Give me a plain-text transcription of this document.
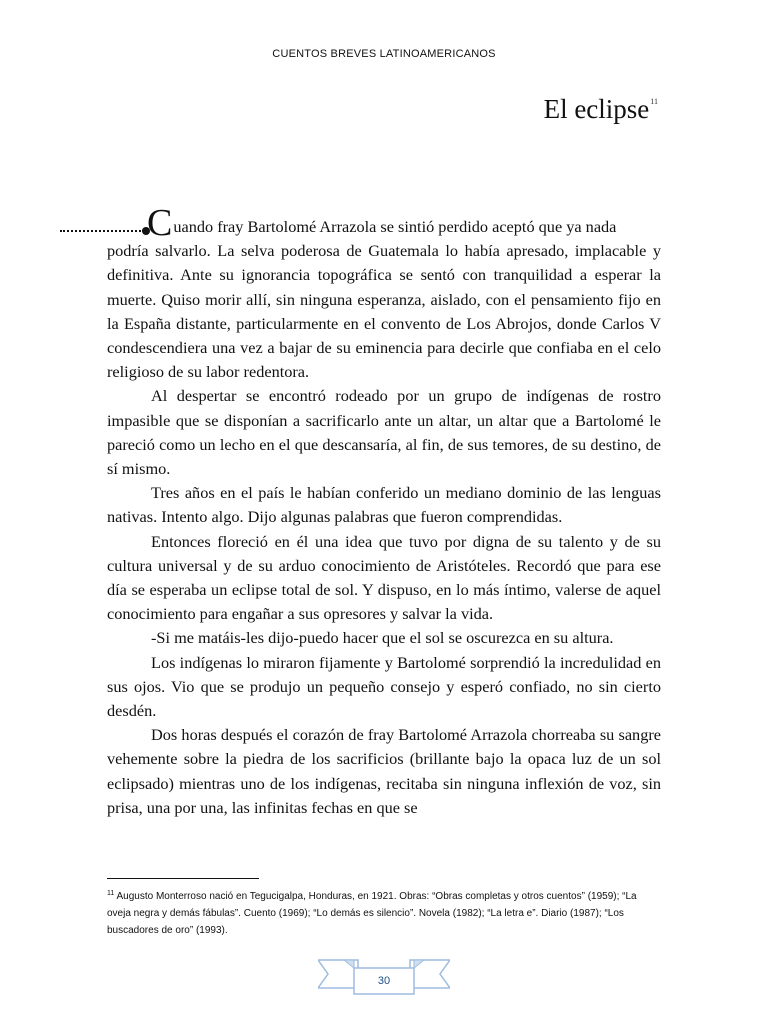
CUENTOS BREVES LATINOAMERICANOS
El eclipse$^{11}$

Cuando fray Bartolomé Arrazola se sintió perdido aceptó que ya nada
podría salvarlo. La selva poderosa de Guatemala lo había apresado, implacable y definitiva. Ante su ignorancia topográfica se sentó con tranquilidad a esperar la muerte. Quiso morir allí, sin ninguna esperanza, aislado, con el pensamiento fijo en la España distante, particularmente en el convento de Los Abrojos, donde Carlos V condescendiera una vez a bajar de su eminencia para decirle que confiaba en el celo religioso de su labor redentora.

Al despertar se encontró rodeado por un grupo de indígenas de rostro impasible que se disponían a sacrificarlo ante un altar, un altar que a Bartolomé le pareció como un lecho en el que descansaría, al fin, de sus temores, de su destino, de sí mismo.

Tres años en el país le habían conferido un mediano dominio de las lenguas nativas. Intento algo. Dijo algunas palabras que fueron comprendidas.

Entonces floreció en él una idea que tuvo por digna de su talento y de su cultura universal y de su arduo conocimiento de Aristóteles. Recordó que para ese día se esperaba un eclipse total de sol. Y dispuso, en lo más íntimo, valerse de aquel conocimiento para engañar a sus opresores y salvar la vida.

-Si me matáis-les dijo-puedo hacer que el sol se oscurezca en su altura.

Los indígenas lo miraron fijamente y Bartolomé sorprendió la incredulidad en sus ojos. Vio que se produjo un pequeño consejo y esperó confiado, no sin cierto desdén.

Dos horas después el corazón de fray Bartolomé Arrazola chorreaba su sangre vehemente sobre la piedra de los sacrificios (brillante bajo la opaca luz de un sol eclipsado) mientras uno de los indígenas, recitaba sin ninguna inflexión de voz, sin prisa, una por una, las infinitas fechas en que se

$^{11}$ Augusto Monterroso nació en Tegucigalpa, Honduras, en 1921. Obras: “Obras completas y otros cuentos” (1959); “La oveja negra y demás fábulas”. Cuento (1969); “Lo demás es silencio”. Novela (1982); “La letra e”. Diario (1987); “Los buscadores de oro” (1993).
30
